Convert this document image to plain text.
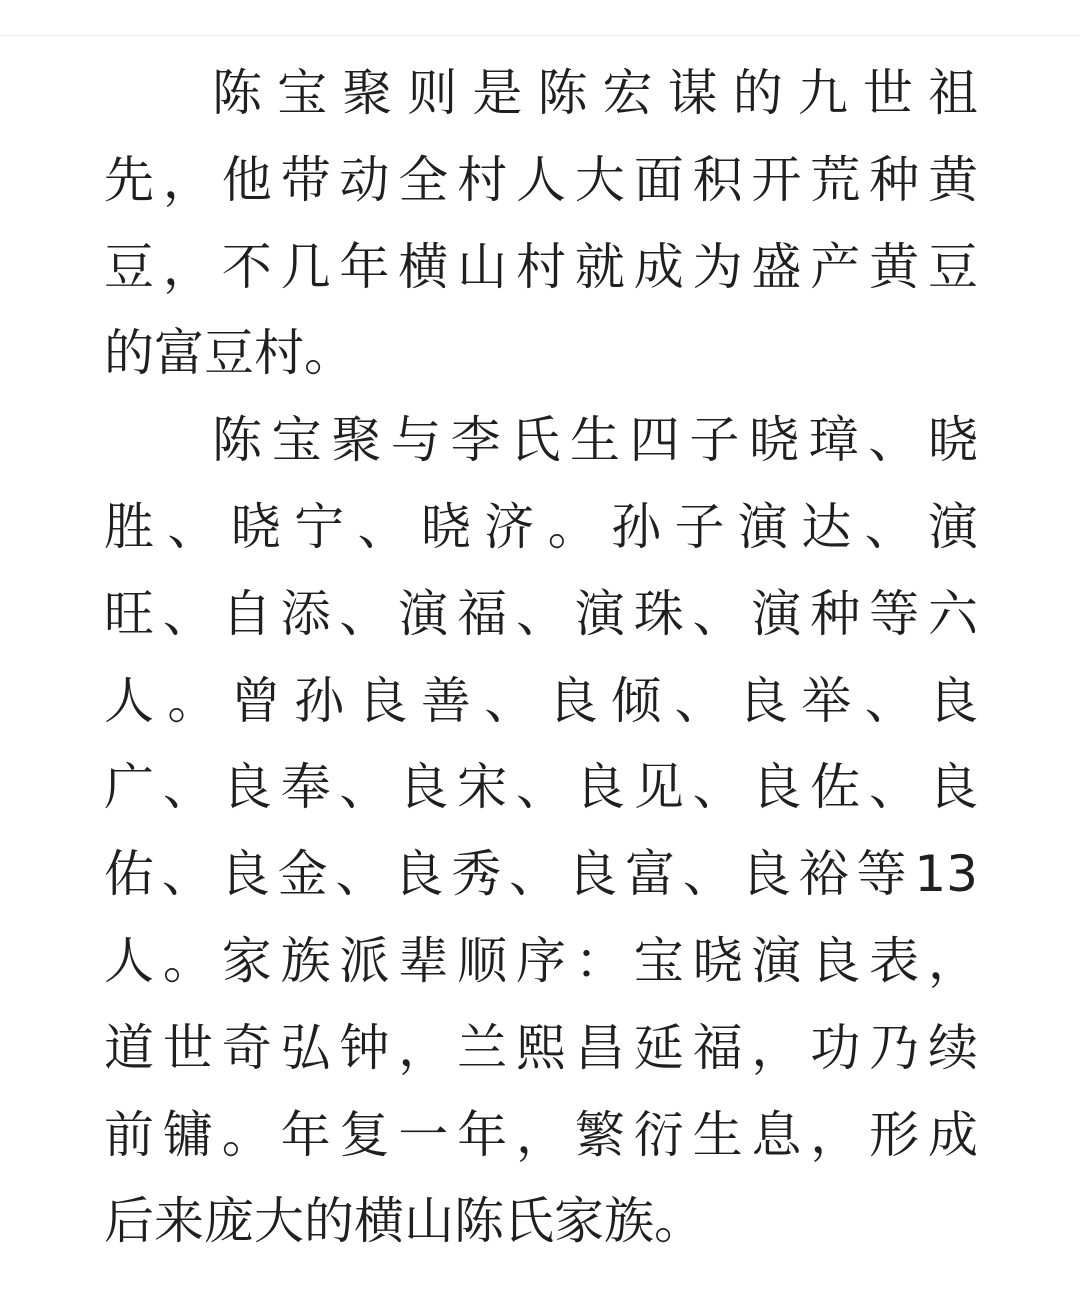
陈宝聚则是陈宏谋的九世祖
先，他带动全村人大面积开荒种黄
豆，不几年横山村就成为盛产黄豆
的富豆村。
陈宝聚与李氏生四子晓璋、晓
胜、晓宁、晓济。孙子演达、演
旺、自添、演福、演珠、演种等六
人。曾孙良善、良倾、良举、良
广、良奉、良宋、良见、良佐、良
佑、良金、良秀、良富、良裕等13
人。家族派辈顺序：宝晓演良表，
道世奇弘钟，兰熙昌延福，功乃续
前镛。年复一年，繁衍生息，形成
后来庞大的横山陈氏家族。
